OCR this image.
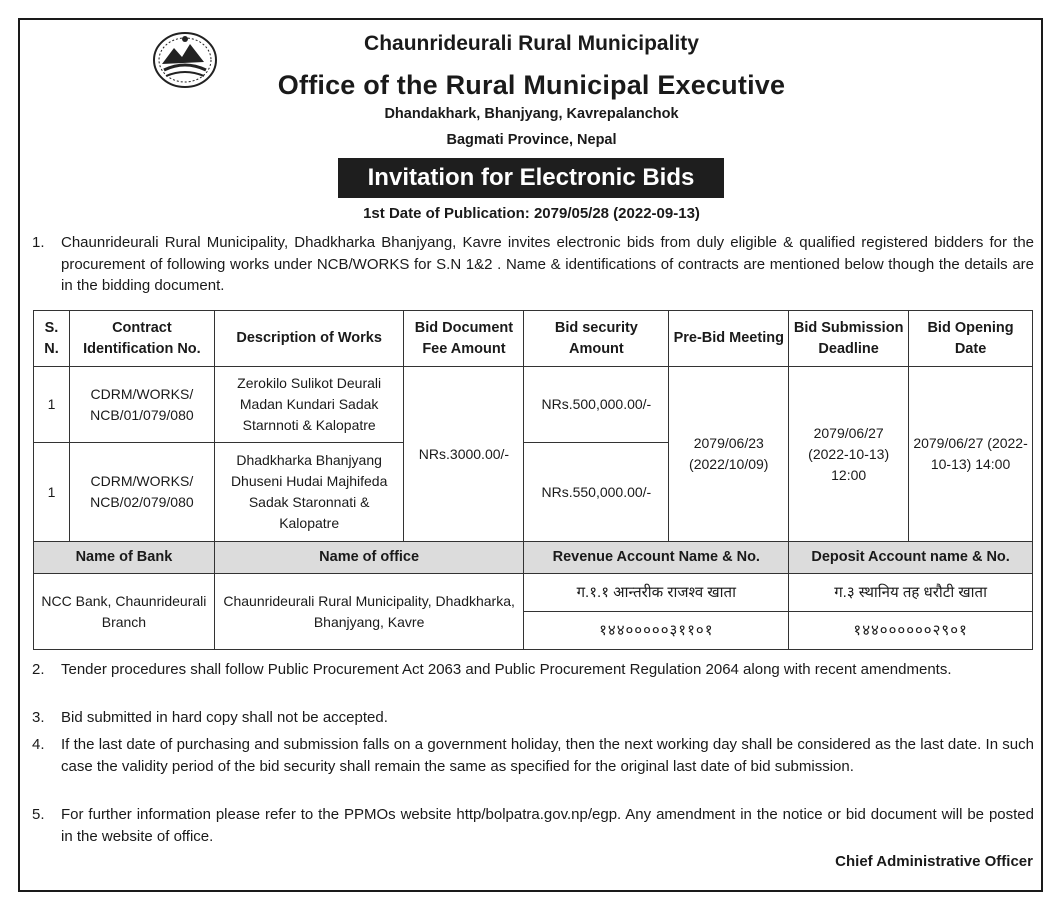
Chaunrideurali Rural Municipality
Office of the Rural Municipal Executive
Dhandakhark, Bhanjyang, Kavrepalanchok
Bagmati Province, Nepal
Invitation for Electronic Bids
1st Date of Publication: 2079/05/28 (2022-09-13)
1. Chaunrideurali Rural Municipality, Dhadkharka Bhanjyang, Kavre invites electronic bids from duly eligible & qualified registered bidders for the procurement of following works under NCB/WORKS for S.N 1&2 . Name & identifications of contracts are mentioned below though the details are in the bidding document.
S. N.	Contract Identification No.	Description of Works	Bid Document Fee Amount	Bid security Amount	Pre-Bid Meeting	Bid Submission Deadline	Bid Opening Date
1	CDRM/WORKS/ NCB/01/079/080	Zerokilo Sulikot Deurali Madan Kundari Sadak Starnnoti & Kalopatre	NRs.3000.00/-	NRs.500,000.00/-	2079/06/23 (2022/10/09)	2079/06/27 (2022-10-13) 12:00	2079/06/27 (2022-10-13) 14:00
1	CDRM/WORKS/ NCB/02/079/080	Dhadkharka Bhanjyang Dhuseni Hudai Majhifeda Sadak Staronnati & Kalopatre		NRs.550,000.00/-			
Name of Bank		Name of office		Revenue Account Name & No.		Deposit Account name & No.	
NCC Bank, Chaunrideurali Branch		Chaunrideurali Rural Municipality, Dhadkharka, Bhanjyang, Kavre		ग.१.१ आन्तरीक राजश्व खाता		ग.३ स्थानिय तह धरौटी खाता	
				१४४०००००३११०१		१४४००००००२९०१	
2. Tender procedures shall follow Public Procurement Act 2063 and Public Procurement Regulation 2064 along with recent amendments.
3. Bid submitted in hard copy shall not be accepted.
4. If the last date of purchasing and submission falls on a government holiday, then the next working day shall be considered as the last date. In such case the validity period of the bid security shall remain the same as specified for the original last date of bid submission.
5. For further information please refer to the PPMOs website http/bolpatra.gov.np/egp. Any amendment in the notice or bid document will be posted in the website of office.
Chief Administrative Officer
